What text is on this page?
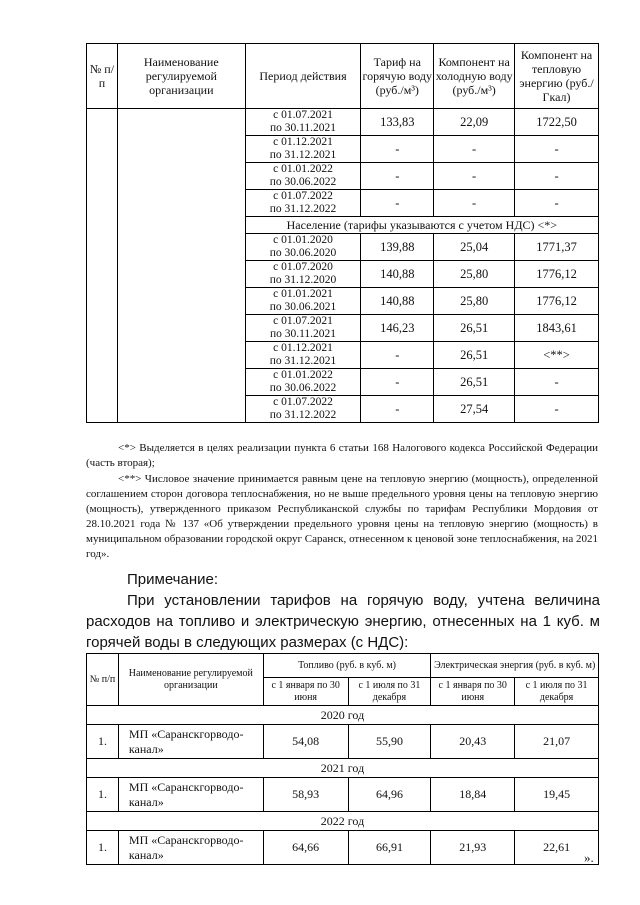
№ п/п	Наименование регулируемой организации	Период действия	Тариф на горячую воду (руб./м³)	Компонент на холодную воду (руб./м³)	Компонент на тепловую энергию (руб./Гкал)

		с 01.07.2021
по 30.11.2021	133,83	22,09	1722,50

		с 01.12.2021
по 31.12.2021	-	-	-

		с 01.01.2022
по 30.06.2022	-	-	-

		с 01.07.2022
по 31.12.2022	-	-	-
		Население (тарифы указываются с учетом НДС) <*>			

		с 01.01.2020
по 30.06.2020	139,88	25,04	1771,37

		с 01.07.2020
по 31.12.2020	140,88	25,80	1776,12

		с 01.01.2021
по 30.06.2021	140,88	25,80	1776,12

		с 01.07.2021
по 30.11.2021	146,23	26,51	1843,61

		с 01.12.2021
по 31.12.2021	-	26,51	<**>

		с 01.01.2022
по 30.06.2022	-	26,51	-

		с 01.07.2022
по 31.12.2022	-	27,54	-
<*> Выделяется в целях реализации пункта 6 статьи 168 Налогового кодекса Российской Федерации (часть вторая);
<**> Числовое значение принимается равным цене на тепловую энергию (мощность), определенной соглашением сторон договора теплоснабжения, но не выше предельного уровня цены на тепловую энергию (мощность), утвержденного приказом Республиканской службы по тарифам Республики Мордовия от 28.10.2021 года № 137 «Об утверждении предельного уровня цены на тепловую энергию (мощность) в муниципальном образовании городской округ Саранск, отнесенном к ценовой зоне теплоснабжения, на 2021 год».
Примечание:
При установлении тарифов на горячую воду, учтена величина расходов на топливо и электрическую энергию, отнесенных на 1 куб. м горячей воды в следующих размерах (с НДС):
№ п/п	Наименование регулируемой организации	Топливо (руб. в куб. м)		Электрическая энергия (руб. в куб. м)	
		с 1 января по 30 июня	с 1 июля по 31 декабря	с 1 января по 30 июня	с 1 июля по 31 декабря
2020 год					
1.	МП «Саранскгорводо-
канал»	54,08	55,90	20,43	21,07
2021 год					
1.	МП «Саранскгорводо-
канал»	58,93	64,96	18,84	19,45
2022 год					
1.	МП «Саранскгорводо-
канал»	64,66	66,91	21,93	22,61
».
